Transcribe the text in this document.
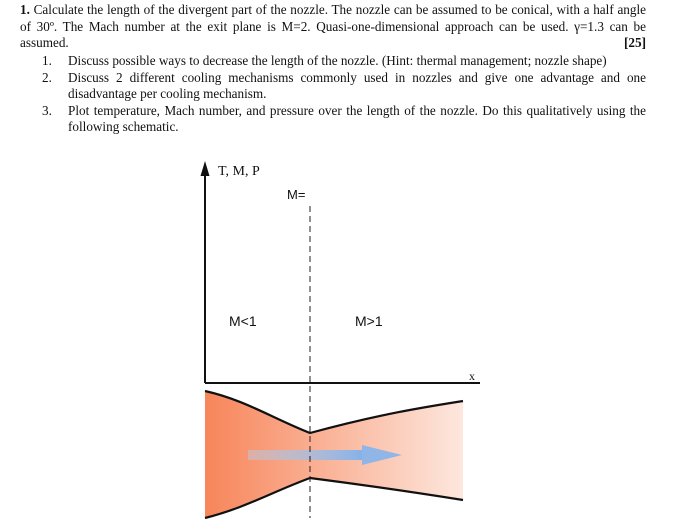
1. Calculate the length of the divergent part of the nozzle. The nozzle can be assumed to be conical, with a half angle of 30º. The Mach number at the exit plane is M=2. Quasi-one-dimensional approach can be used. γ=1.3 can be assumed.	[25]
1. Discuss possible ways to decrease the length of the nozzle. (Hint: thermal management; nozzle shape)
2. Discuss 2 different cooling mechanisms commonly used in nozzles and give one advantage and one disadvantage per cooling mechanism.
3. Plot temperature, Mach number, and pressure over the length of the nozzle. Do this qualitatively using the following schematic.
T, M, P
x
M=
M<1	M>1
